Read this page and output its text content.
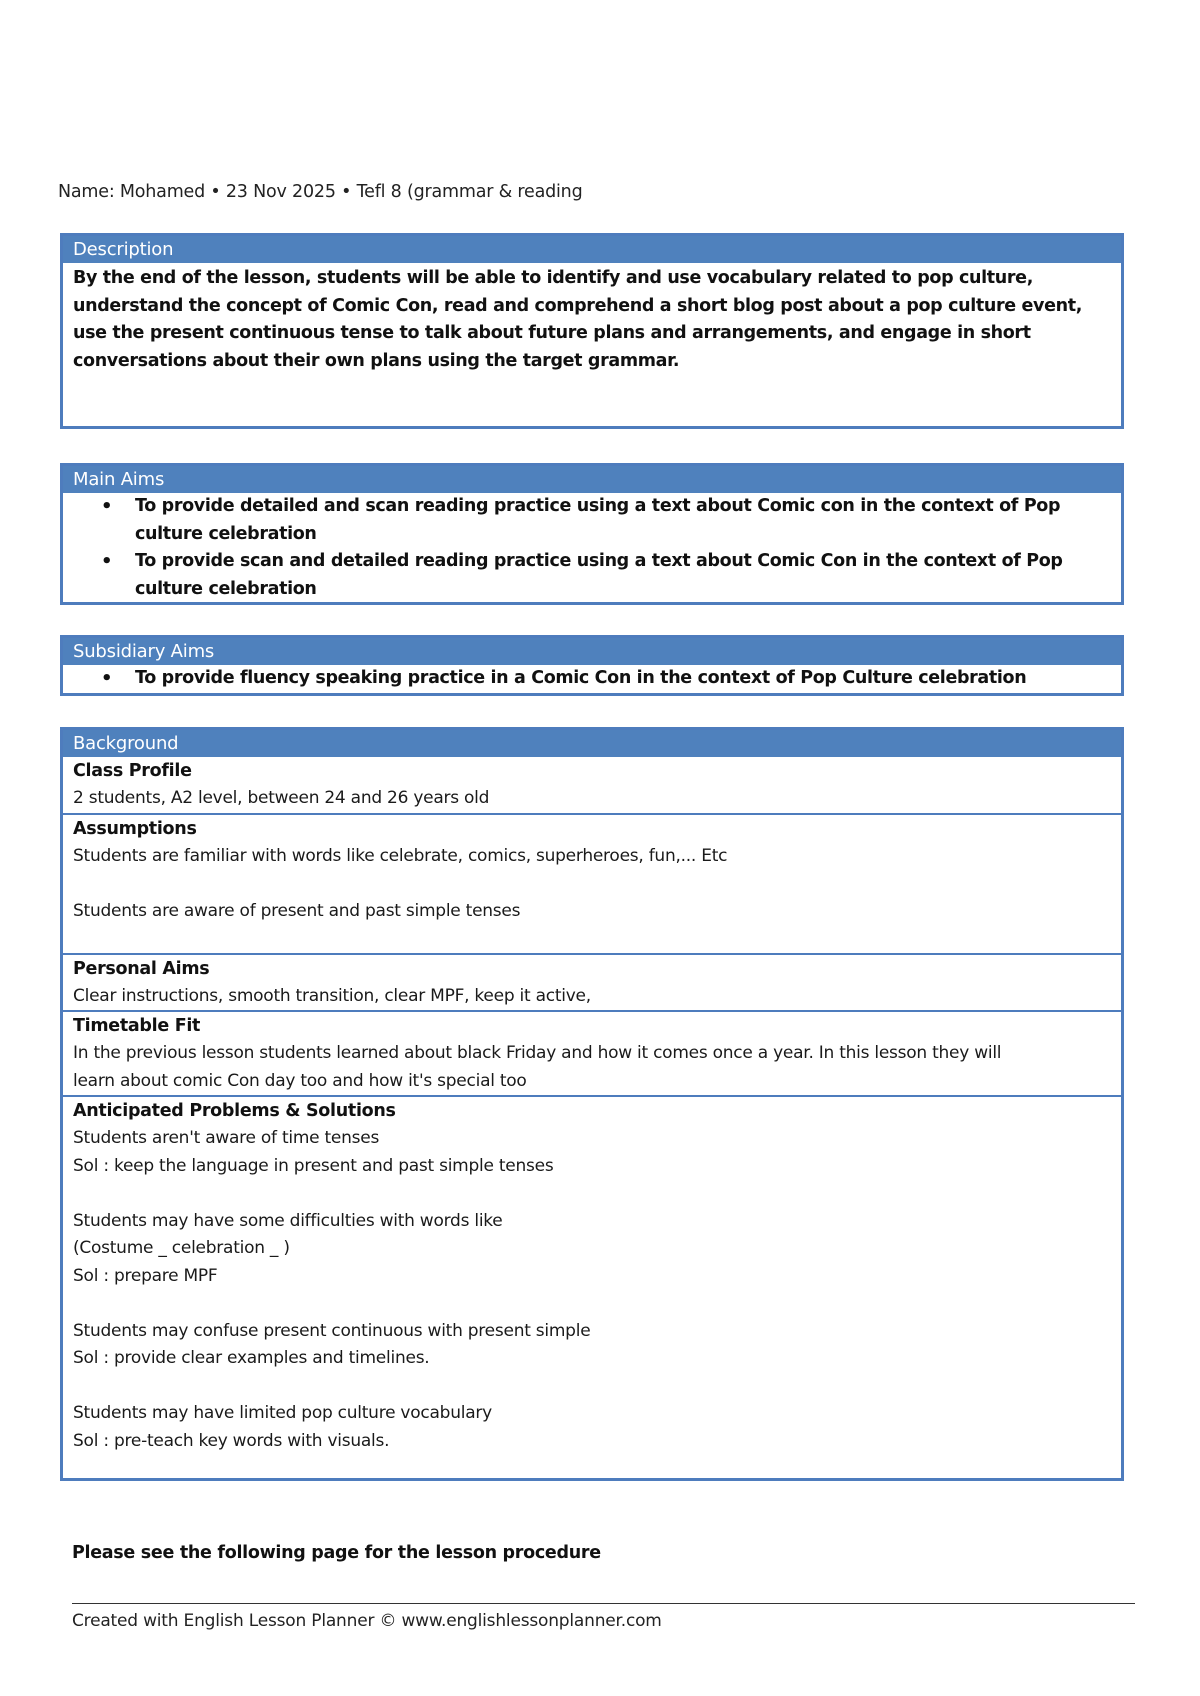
Name: Mohamed • 23 Nov 2025 • Tefl 8 (grammar & reading
Description
By the end of the lesson, students will be able to identify and use vocabulary related to pop culture, understand the concept of Comic Con, read and comprehend a short blog post about a pop culture event, use the present continuous tense to talk about future plans and arrangements, and engage in short conversations about their own plans using the target grammar.
Main Aims
• To provide detailed and scan reading practice using a text about Comic con in the context of Pop culture celebration
• To provide scan and detailed reading practice using a text about Comic Con in the context of Pop culture celebration
Subsidiary Aims
• To provide fluency speaking practice in a Comic Con in the context of Pop Culture celebration
Background
Class Profile
2 students, A2 level, between 24 and 26 years old
Assumptions
Students are familiar with words like celebrate, comics, superheroes, fun,... Etc
Students are aware of present and past simple tenses
Personal Aims
Clear instructions, smooth transition, clear MPF, keep it active,
Timetable Fit
In the previous lesson students learned about black Friday and how it comes once a year. In this lesson they will
learn about comic Con day too and how it's special too
Anticipated Problems & Solutions
Students aren't aware of time tenses
Sol : keep the language in present and past simple tenses
Students may have some difficulties with words like
(Costume _ celebration _ )
Sol : prepare MPF
Students may confuse present continuous with present simple
Sol : provide clear examples and timelines.
Students may have limited pop culture vocabulary
Sol : pre-teach key words with visuals.
Please see the following page for the lesson procedure
Created with English Lesson Planner © www.englishlessonplanner.com
